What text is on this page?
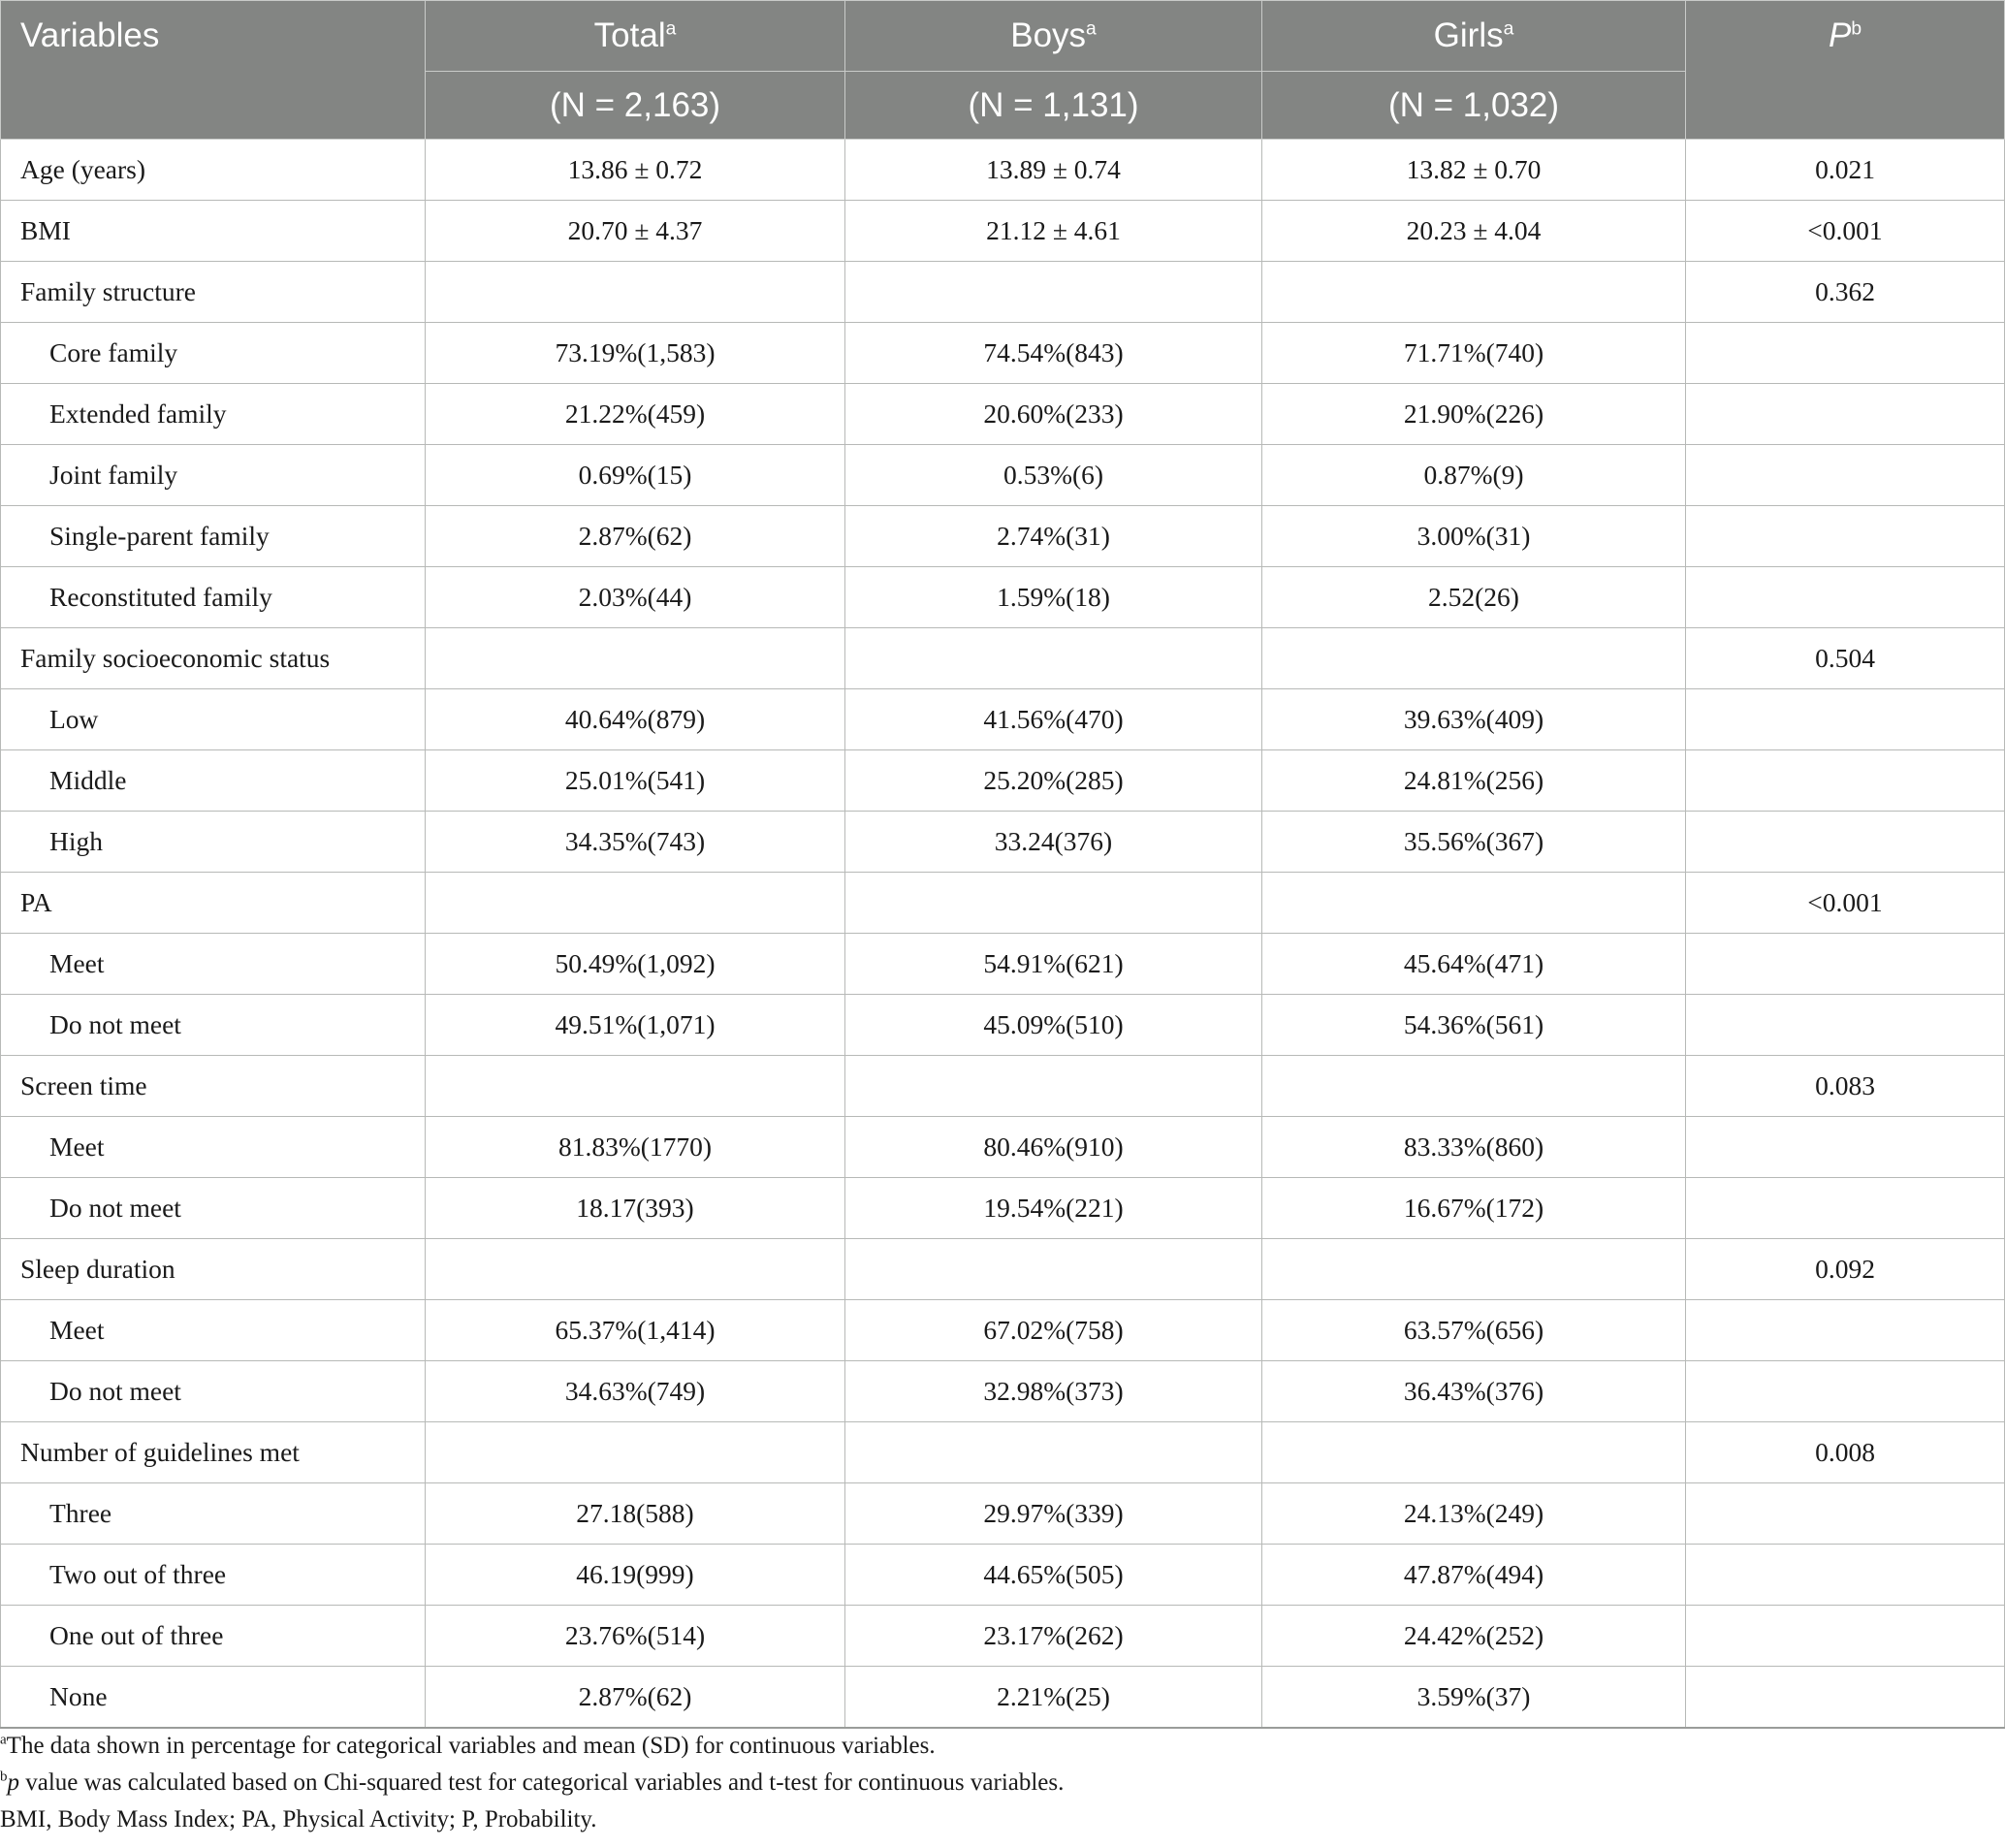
Variables	Total$^a$	Boys$^a$	Girls$^a$	$P^b$
	(N = 2,163)	(N = 1,131)	(N = 1,032)	
Age (years)	13.86 ± 0.72	13.89 ± 0.74	13.82 ± 0.70	0.021
BMI	20.70 ± 4.37	21.12 ± 4.61	20.23 ± 4.04	<0.001
Family structure				0.362
Core family	73.19%(1,583)	74.54%(843)	71.71%(740)	
Extended family	21.22%(459)	20.60%(233)	21.90%(226)	
Joint family	0.69%(15)	0.53%(6)	0.87%(9)	
Single-parent family	2.87%(62)	2.74%(31)	3.00%(31)	
Reconstituted family	2.03%(44)	1.59%(18)	2.52(26)	
Family socioeconomic status				0.504
Low	40.64%(879)	41.56%(470)	39.63%(409)	
Middle	25.01%(541)	25.20%(285)	24.81%(256)	
High	34.35%(743)	33.24(376)	35.56%(367)	
PA				<0.001
Meet	50.49%(1,092)	54.91%(621)	45.64%(471)	
Do not meet	49.51%(1,071)	45.09%(510)	54.36%(561)	
Screen time				0.083
Meet	81.83%(1770)	80.46%(910)	83.33%(860)	
Do not meet	18.17(393)	19.54%(221)	16.67%(172)	
Sleep duration				0.092
Meet	65.37%(1,414)	67.02%(758)	63.57%(656)	
Do not meet	34.63%(749)	32.98%(373)	36.43%(376)	
Number of guidelines met				0.008
Three	27.18(588)	29.97%(339)	24.13%(249)	
Two out of three	46.19(999)	44.65%(505)	47.87%(494)	
One out of three	23.76%(514)	23.17%(262)	24.42%(252)	
None	2.87%(62)	2.21%(25)	3.59%(37)	

$^a$The data shown in percentage for categorical variables and mean (SD) for continuous variables.

$^b$p value was calculated based on Chi-squared test for categorical variables and t-test for continuous variables.

BMI, Body Mass Index; PA, Physical Activity; P, Probability.
